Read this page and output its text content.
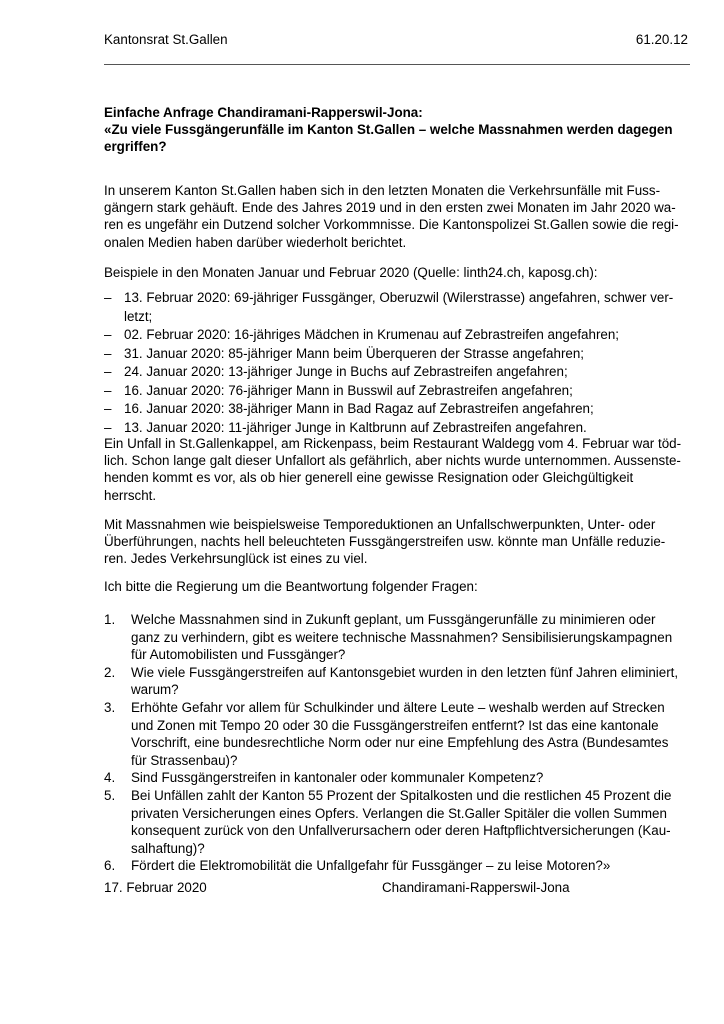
Kantonsrat St.Gallen	61.20.12
Einfache Anfrage Chandiramani-Rapperswil-Jona:
«Zu viele Fussgängerunfälle im Kanton St.Gallen – welche Massnahmen werden dagegen
ergriffen?
In unserem Kanton St.Gallen haben sich in den letzten Monaten die Verkehrsunfälle mit Fuss-
gängern stark gehäuft. Ende des Jahres 2019 und in den ersten zwei Monaten im Jahr 2020 wa-
ren es ungefähr ein Dutzend solcher Vorkommnisse. Die Kantonspolizei St.Gallen sowie die regi-
onalen Medien haben darüber wiederholt berichtet.
Beispiele in den Monaten Januar und Februar 2020 (Quelle: linth24.ch, kaposg.ch):
– 13. Februar 2020: 69-jähriger Fussgänger, Oberuzwil (Wilerstrasse) angefahren, schwer ver-
letzt;
– 02. Februar 2020: 16-jähriges Mädchen in Krumenau auf Zebrastreifen angefahren;
– 31. Januar 2020: 85-jähriger Mann beim Überqueren der Strasse angefahren;
– 24. Januar 2020: 13-jähriger Junge in Buchs auf Zebrastreifen angefahren;
– 16. Januar 2020: 76-jähriger Mann in Busswil auf Zebrastreifen angefahren;
– 16. Januar 2020: 38-jähriger Mann in Bad Ragaz auf Zebrastreifen angefahren;
– 13. Januar 2020: 11-jähriger Junge in Kaltbrunn auf Zebrastreifen angefahren.
Ein Unfall in St.Gallenkappel, am Rickenpass, beim Restaurant Waldegg vom 4. Februar war töd-
lich. Schon lange galt dieser Unfallort als gefährlich, aber nichts wurde unternommen. Aussenste-
henden kommt es vor, als ob hier generell eine gewisse Resignation oder Gleichgültigkeit
herrscht.
Mit Massnahmen wie beispielsweise Temporeduktionen an Unfallschwerpunkten, Unter- oder
Überführungen, nachts hell beleuchteten Fussgängerstreifen usw. könnte man Unfälle reduzie-
ren. Jedes Verkehrsunglück ist eines zu viel.
Ich bitte die Regierung um die Beantwortung folgender Fragen:
1. Welche Massnahmen sind in Zukunft geplant, um Fussgängerunfälle zu minimieren oder
ganz zu verhindern, gibt es weitere technische Massnahmen? Sensibilisierungskampagnen
für Automobilisten und Fussgänger?
2. Wie viele Fussgängerstreifen auf Kantonsgebiet wurden in den letzten fünf Jahren eliminiert,
warum?
3. Erhöhte Gefahr vor allem für Schulkinder und ältere Leute – weshalb werden auf Strecken
und Zonen mit Tempo 20 oder 30 die Fussgängerstreifen entfernt? Ist das eine kantonale
Vorschrift, eine bundesrechtliche Norm oder nur eine Empfehlung des Astra (Bundesamtes
für Strassenbau)?
4. Sind Fussgängerstreifen in kantonaler oder kommunaler Kompetenz?
5. Bei Unfällen zahlt der Kanton 55 Prozent der Spitalkosten und die restlichen 45 Prozent die
privaten Versicherungen eines Opfers. Verlangen die St.Galler Spitäler die vollen Summen
konsequent zurück von den Unfallverursachern oder deren Haftpflichtversicherungen (Kau-
salhaftung)?
6. Fördert die Elektromobilität die Unfallgefahr für Fussgänger – zu leise Motoren?»
17. Februar 2020	Chandiramani-Rapperswil-Jona
